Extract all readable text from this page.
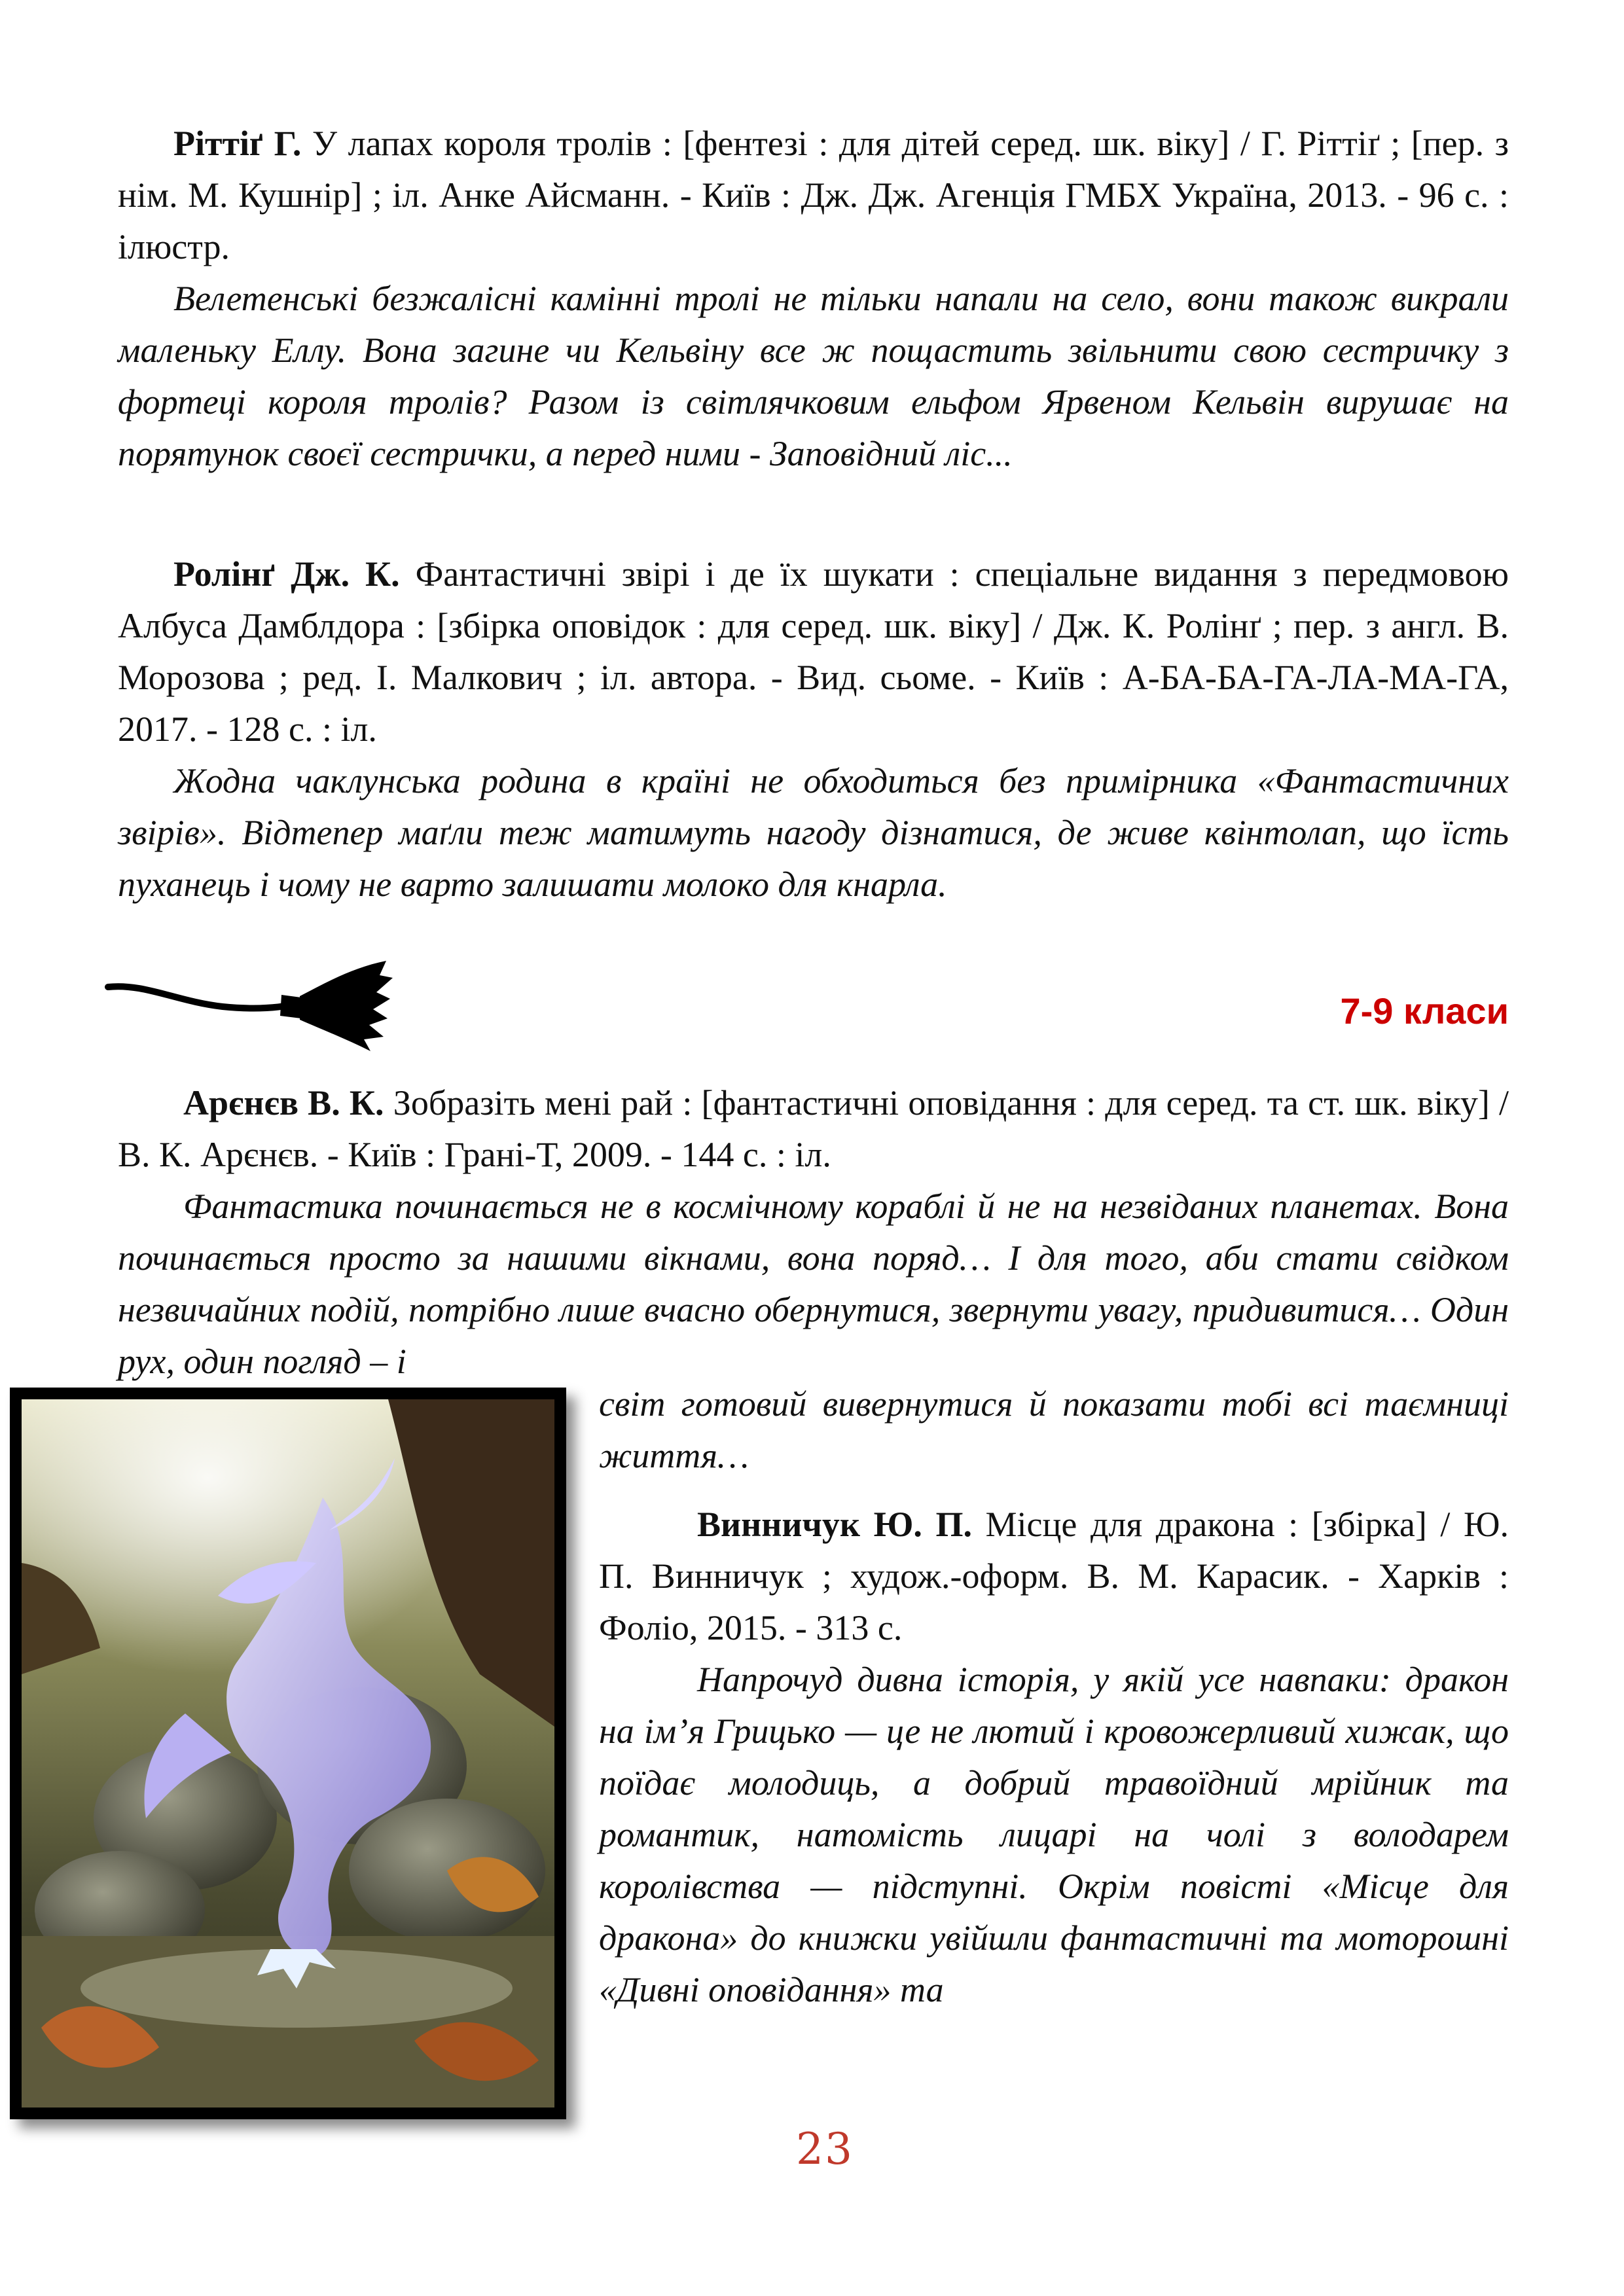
Ріттіґ Г. У лапах короля тролів : [фентезі : для дітей серед. шк. віку] / Г. Ріттіґ ; [пер. з нім. М. Кушнір] ; іл. Анке Айсманн. - Київ : Дж. Дж. Агенція ГМБХ Україна, 2013. - 96 с. : ілюстр.

Велетенські безжалісні камінні тролі не тільки напали на село, вони також викрали маленьку Еллу. Вона загине чи Кельвіну все ж пощастить звільнити свою сестричку з фортеці короля тролів? Разом із світлячковим ельфом Ярвеном Кельвін вирушає на порятунок своєї сестрички, а перед ними - Заповідний ліс...

Ролінґ Дж. К. Фантастичні звірі і де їх шукати : спеціальне видання з передмовою Албуса Дамблдора : [збірка оповідок : для серед. шк. віку] / Дж. К. Ролінґ ; пер. з англ. В. Морозова ; ред. І. Малкович ; іл. автора. - Вид. сьоме. - Київ : А-БА-БА-ГА-ЛА-МА-ГА, 2017. - 128 с. : іл.

Жодна чаклунська родина в країні не обходиться без примірника «Фантастичних звірів». Відтепер маґли теж матимуть нагоду дізнатися, де живе квінтолап, що їсть пуханець і чому не варто залишати молоко для кнарла.

7-9 класи

Арєнєв В. К. Зобразіть мені рай : [фантастичні оповідання : для серед. та ст. шк. віку] / В. К. Арєнєв. - Київ : Грані-Т, 2009. - 144 с. : іл.

Фантастика починається не в космічному кораблі й не на незвіданих планетах. Вона починається просто за нашими вікнами, вона поряд… І для того, аби стати свідком незвичайних подій, потрібно лише вчасно обернутися, звернути увагу, придивитися… Один рух, один погляд – і

світ готовий вивернутися й показати тобі всі таємниці життя…

Винничук Ю. П. Місце для дракона : [збірка] / Ю. П. Винничук ; худож.-оформ. В. М. Карасик. - Харків : Фоліо, 2015. - 313 с.

Напрочуд дивна історія, у якій усе навпаки: дракон на ім’я Грицько — це не лютий і кровожерливий хижак, що поїдає молодиць, а добрий травоїдний мрійник та романтик, натомість лицарі на чолі з володарем королівства — підступні. Окрім повісті «Місце для дракона» до книжки увійшли фантастичні та моторошні «Дивні оповідання» та

23
